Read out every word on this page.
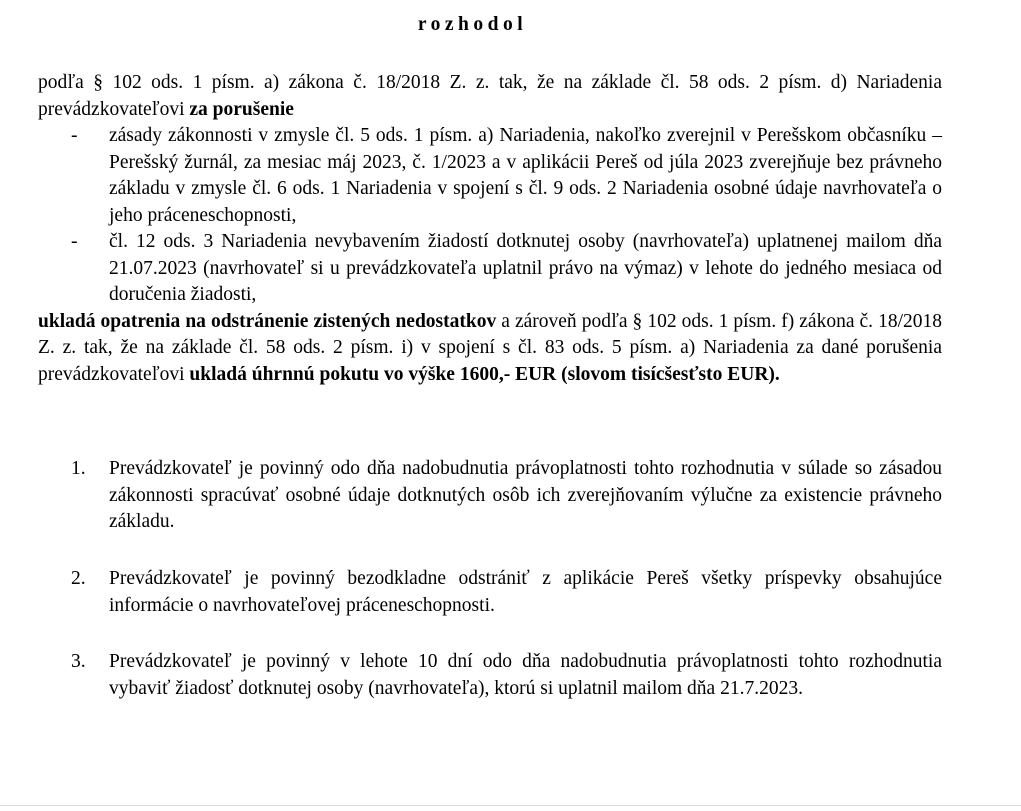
rozhodol
podľa § 102 ods. 1 písm. a) zákona č. 18/2018 Z. z. tak, že na základe čl. 58 ods. 2 písm. d) Nariadenia prevádzkovateľovi za porušenie
- zásady zákonnosti v zmysle čl. 5 ods. 1 písm. a) Nariadenia, nakoľko zverejnil v Perešskom občasníku – Perešský žurnál, za mesiac máj 2023, č. 1/2023 a v aplikácii Pereš od júla 2023 zverejňuje bez právneho základu v zmysle čl. 6 ods. 1 Nariadenia v spojení s čl. 9 ods. 2 Nariadenia osobné údaje navrhovateľa o jeho práceneschopnosti,
- čl. 12 ods. 3 Nariadenia nevybavením žiadostí dotknutej osoby (navrhovateľa) uplatnenej mailom dňa 21.07.2023 (navrhovateľ si u prevádzkovateľa uplatnil právo na výmaz) v lehote do jedného mesiaca od doručenia žiadosti,
ukladá opatrenia na odstránenie zistených nedostatkov a zároveň podľa § 102 ods. 1 písm. f) zákona č. 18/2018 Z. z. tak, že na základe čl. 58 ods. 2 písm. i) v spojení s čl. 83 ods. 5 písm. a) Nariadenia za dané porušenia prevádzkovateľovi ukladá úhrnnú pokutu vo výške 1600,- EUR (slovom tisícšesťsto EUR).
1. Prevádzkovateľ je povinný odo dňa nadobudnutia právoplatnosti tohto rozhodnutia v súlade so zásadou zákonnosti spracúvať osobné údaje dotknutých osôb ich zverejňovaním výlučne za existencie právneho základu.
2. Prevádzkovateľ je povinný bezodkladne odstrániť z aplikácie Pereš všetky príspevky obsahujúce informácie o navrhovateľovej práceneschopnosti.
3. Prevádzkovateľ je povinný v lehote 10 dní odo dňa nadobudnutia právoplatnosti tohto rozhodnutia vybaviť žiadosť dotknutej osoby (navrhovateľa), ktorú si uplatnil mailom dňa 21.7.2023.
